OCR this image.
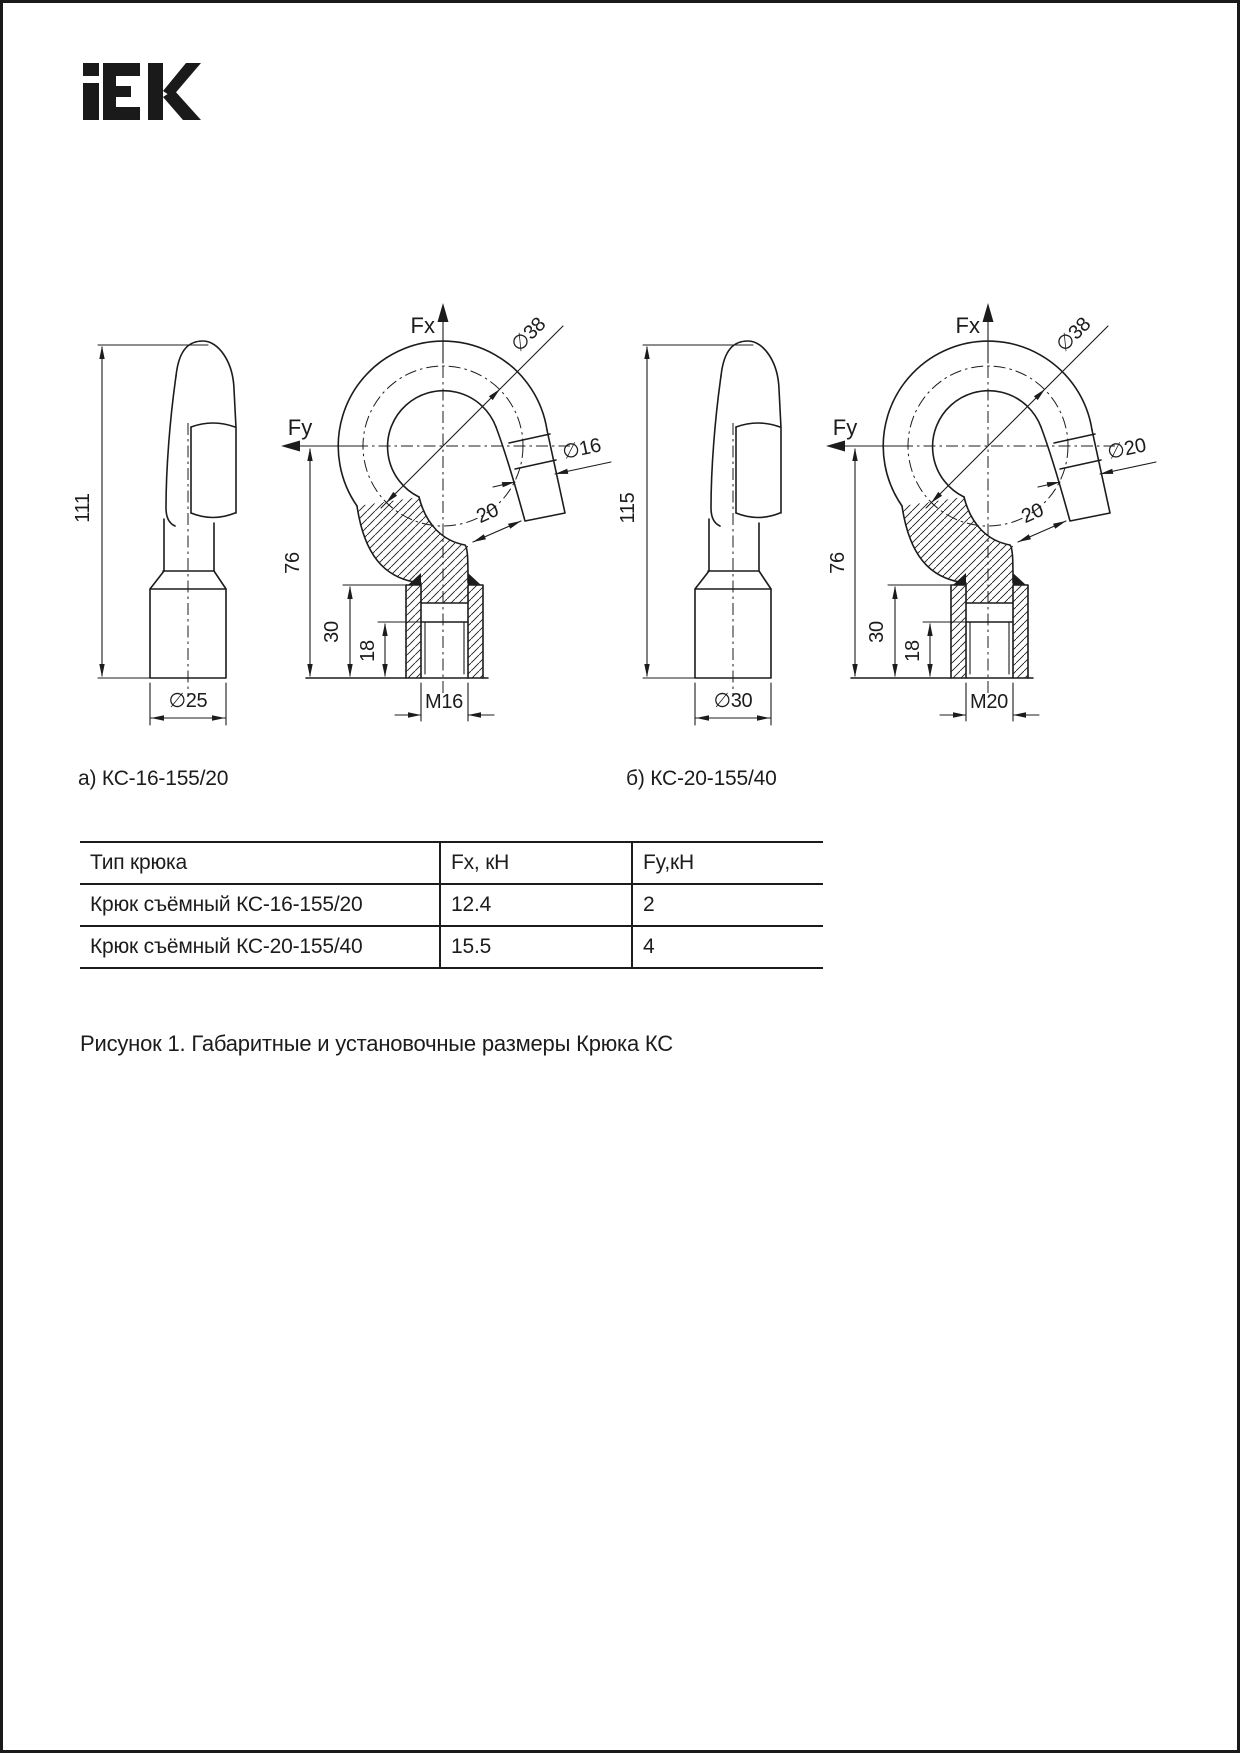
111
∅25
Fx
Fy
∅38
∅16
20
76
30
18
M16
115
∅30
Fx
Fy
∅38
∅20
20
76
30
18
M20
а) КС-16-155/20	б) КС-20-155/40
Тип крюка	Fx, кН	Fy,кН
Крюк съёмный КС-16-155/20	12.4	2
Крюк съёмный КС-20-155/40	15.5	4
Рисунок 1. Габаритные и установочные размеры Крюка КС
